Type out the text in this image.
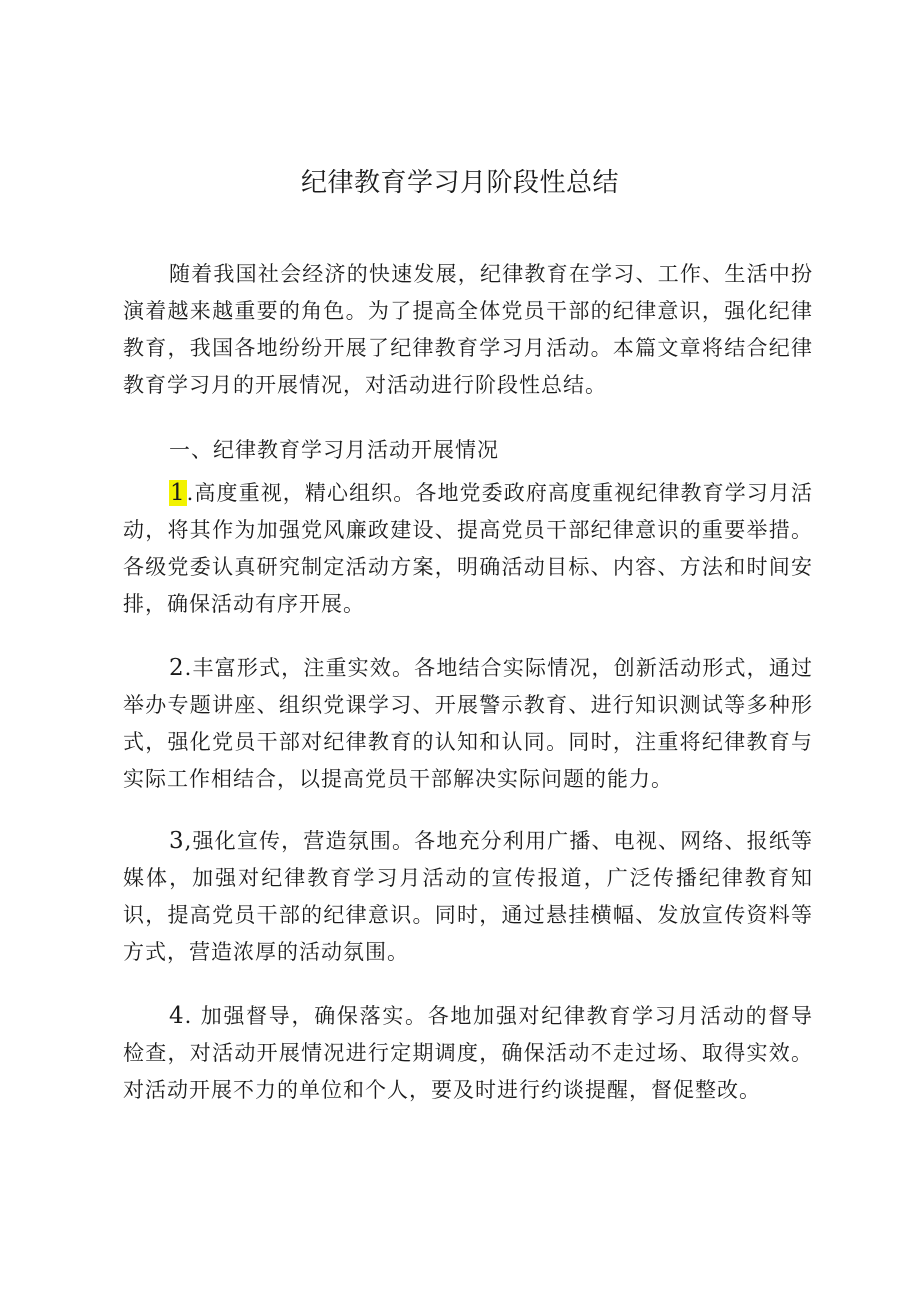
纪律教育学习月阶段性总结

随着我国社会经济的快速发展，纪律教育在学习、工作、生活中扮演着越来越重要的角色。为了提高全体党员干部的纪律意识，强化纪律教育，我国各地纷纷开展了纪律教育学习月活动。本篇文章将结合纪律教育学习月的开展情况，对活动进行阶段性总结。

一、纪律教育学习月活动开展情况

1.高度重视，精心组织。各地党委政府高度重视纪律教育学习月活动，将其作为加强党风廉政建设、提高党员干部纪律意识的重要举措。各级党委认真研究制定活动方案，明确活动目标、内容、方法和时间安排，确保活动有序开展。

2.丰富形式，注重实效。各地结合实际情况，创新活动形式，通过举办专题讲座、组织党课学习、开展警示教育、进行知识测试等多种形式，强化党员干部对纪律教育的认知和认同。同时，注重将纪律教育与实际工作相结合，以提高党员干部解决实际问题的能力。

3,强化宣传，营造氛围。各地充分利用广播、电视、网络、报纸等媒体，加强对纪律教育学习月活动的宣传报道，广泛传播纪律教育知识，提高党员干部的纪律意识。同时，通过悬挂横幅、发放宣传资料等方式，营造浓厚的活动氛围。

4. 加强督导，确保落实。各地加强对纪律教育学习月活动的督导检查，对活动开展情况进行定期调度，确保活动不走过场、取得实效。对活动开展不力的单位和个人，要及时进行约谈提醒，督促整改。
